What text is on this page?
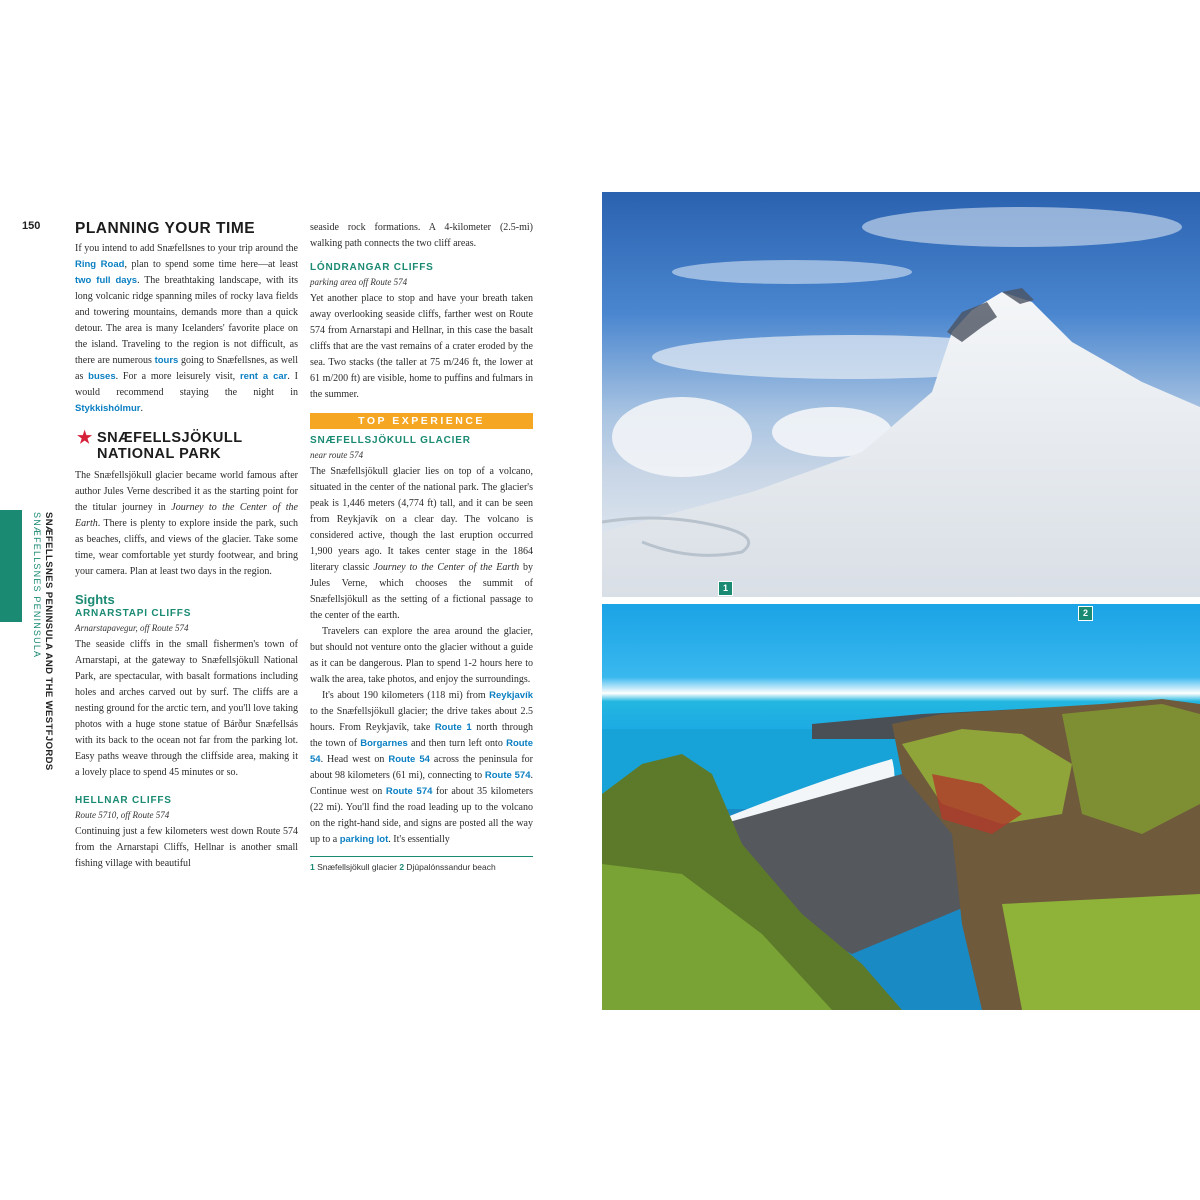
150
SNÆFELLSNES PENINSULA AND THE WESTFJORDS
SNÆFELLSNES PENINSULA
PLANNING YOUR TIME

If you intend to add Snæfellsnes to your trip around the Ring Road, plan to spend some time here—at least two full days. The breathtaking landscape, with its long volcanic ridge spanning miles of rocky lava fields and towering mountains, demands more than a quick detour. The area is many Icelanders' favorite place on the island. Traveling to the region is not difficult, as there are numerous tours going to Snæfellsnes, as well as buses. For a more leisurely visit, rent a car. I would recommend staying the night in Stykkishólmur.

★ SNÆFELLSJÖKULL
NATIONAL PARK

The Snæfellsjökull glacier became world famous after author Jules Verne described it as the starting point for the titular journey in Journey to the Center of the Earth. There is plenty to explore inside the park, such as beaches, cliffs, and views of the glacier. Take some time, wear comfortable yet sturdy footwear, and bring your camera. Plan at least two days in the region.

Sights
ARNARSTAPI CLIFFS
Arnarstapavegur, off Route 574

The seaside cliffs in the small fishermen's town of Arnarstapi, at the gateway to Snæfellsjökull National Park, are spectacular, with basalt formations including holes and arches carved out by surf. The cliffs are a nesting ground for the arctic tern, and you'll love taking photos with a huge stone statue of Bárður Snæfellsás with its back to the ocean not far from the parking lot. Easy paths weave through the cliffside area, making it a lovely place to spend 45 minutes or so.

HELLNAR CLIFFS
Route 5710, off Route 574

Continuing just a few kilometers west down Route 574 from the Arnarstapi Cliffs, Hellnar is another small fishing village with beautiful

seaside rock formations. A 4-kilometer (2.5-mi) walking path connects the two cliff areas.

LÓNDRANGAR CLIFFS
parking area off Route 574

Yet another place to stop and have your breath taken away overlooking seaside cliffs, farther west on Route 574 from Arnarstapi and Hellnar, in this case the basalt cliffs that are the vast remains of a crater eroded by the sea. Two stacks (the taller at 75 m/246 ft, the lower at 61 m/200 ft) are visible, home to puffins and fulmars in the summer.

TOP EXPERIENCE
SNÆFELLSJÖKULL GLACIER
near route 574

The Snæfellsjökull glacier lies on top of a volcano, situated in the center of the national park. The glacier's peak is 1,446 meters (4,774 ft) tall, and it can be seen from Reykjavík on a clear day. The volcano is considered active, though the last eruption occurred 1,900 years ago. It takes center stage in the 1864 literary classic Journey to the Center of the Earth by Jules Verne, which chooses the summit of Snæfellsjökull as the setting of a fictional passage to the center of the earth.

Travelers can explore the area around the glacier, but should not venture onto the glacier without a guide as it can be dangerous. Plan to spend 1-2 hours here to walk the area, take photos, and enjoy the surroundings.

It's about 190 kilometers (118 mi) from Reykjavík to the Snæfellsjökull glacier; the drive takes about 2.5 hours. From Reykjavík, take Route 1 north through the town of Borgarnes and then turn left onto Route 54. Head west on Route 54 across the peninsula for about 98 kilometers (61 mi), connecting to Route 574. Continue west on Route 574 for about 35 kilometers (22 mi). You'll find the road leading up to the volcano on the right-hand side, and signs are posted all the way up to a parking lot. It's essentially

1 Snæfellsjökull glacier 2 Djúpalónssandur beach
1
2
